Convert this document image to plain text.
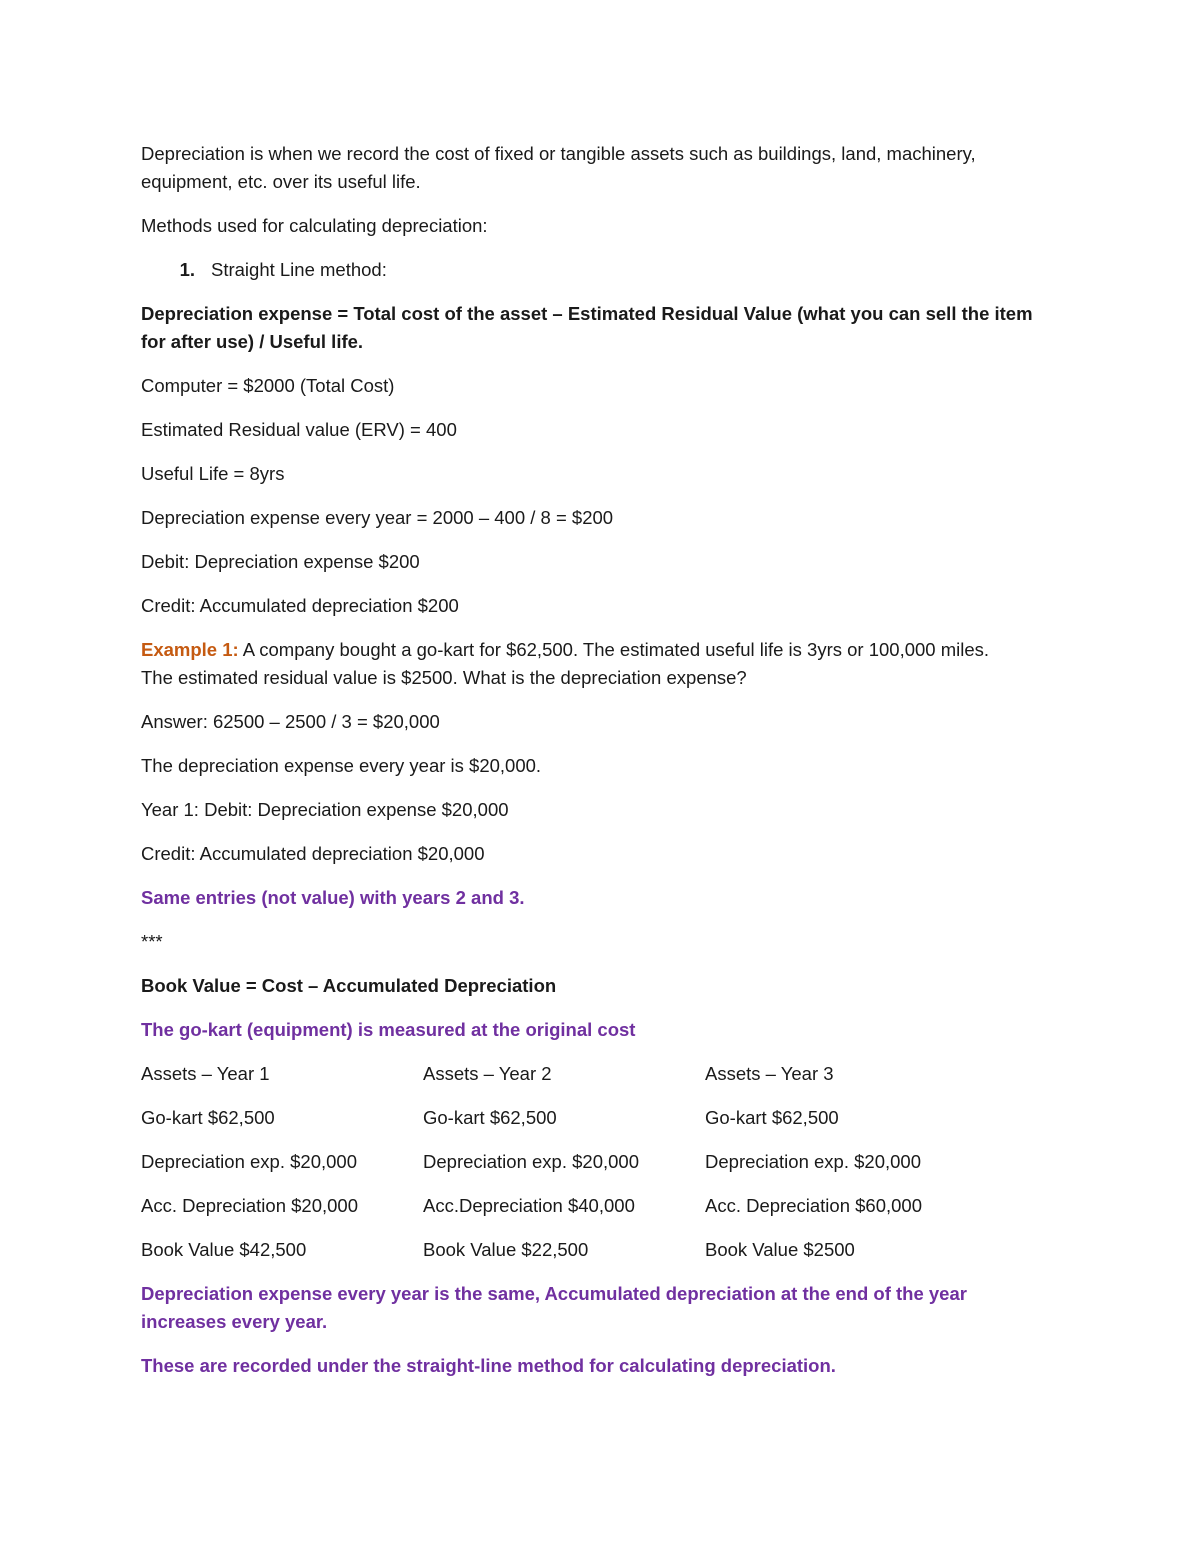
Depreciation is when we record the cost of fixed or tangible assets such as buildings, land, machinery,
equipment, etc. over its useful life.
Methods used for calculating depreciation:
1. Straight Line method:
Depreciation expense = Total cost of the asset – Estimated Residual Value (what you can sell the item
for after use) / Useful life.
Computer = $2000 (Total Cost)
Estimated Residual value (ERV) = 400
Useful Life = 8yrs
Depreciation expense every year = 2000 – 400 / 8 = $200
Debit: Depreciation expense $200
Credit: Accumulated depreciation $200
Example 1: A company bought a go-kart for $62,500. The estimated useful life is 3yrs or 100,000 miles.
The estimated residual value is $2500. What is the depreciation expense?
Answer: 62500 – 2500 / 3 = $20,000
The depreciation expense every year is $20,000.
Year 1: Debit: Depreciation expense $20,000
Credit: Accumulated depreciation $20,000
Same entries (not value) with years 2 and 3.
***
Book Value = Cost – Accumulated Depreciation
The go-kart (equipment) is measured at the original cost
Assets – Year 1	Assets – Year 2	Assets – Year 3
Go-kart $62,500	Go-kart $62,500	Go-kart $62,500
Depreciation exp. $20,000	Depreciation exp. $20,000	Depreciation exp. $20,000
Acc. Depreciation $20,000	Acc.Depreciation $40,000	Acc. Depreciation $60,000
Book Value $42,500	Book Value $22,500	Book Value $2500
Depreciation expense every year is the same, Accumulated depreciation at the end of the year
increases every year.
These are recorded under the straight-line method for calculating depreciation.
